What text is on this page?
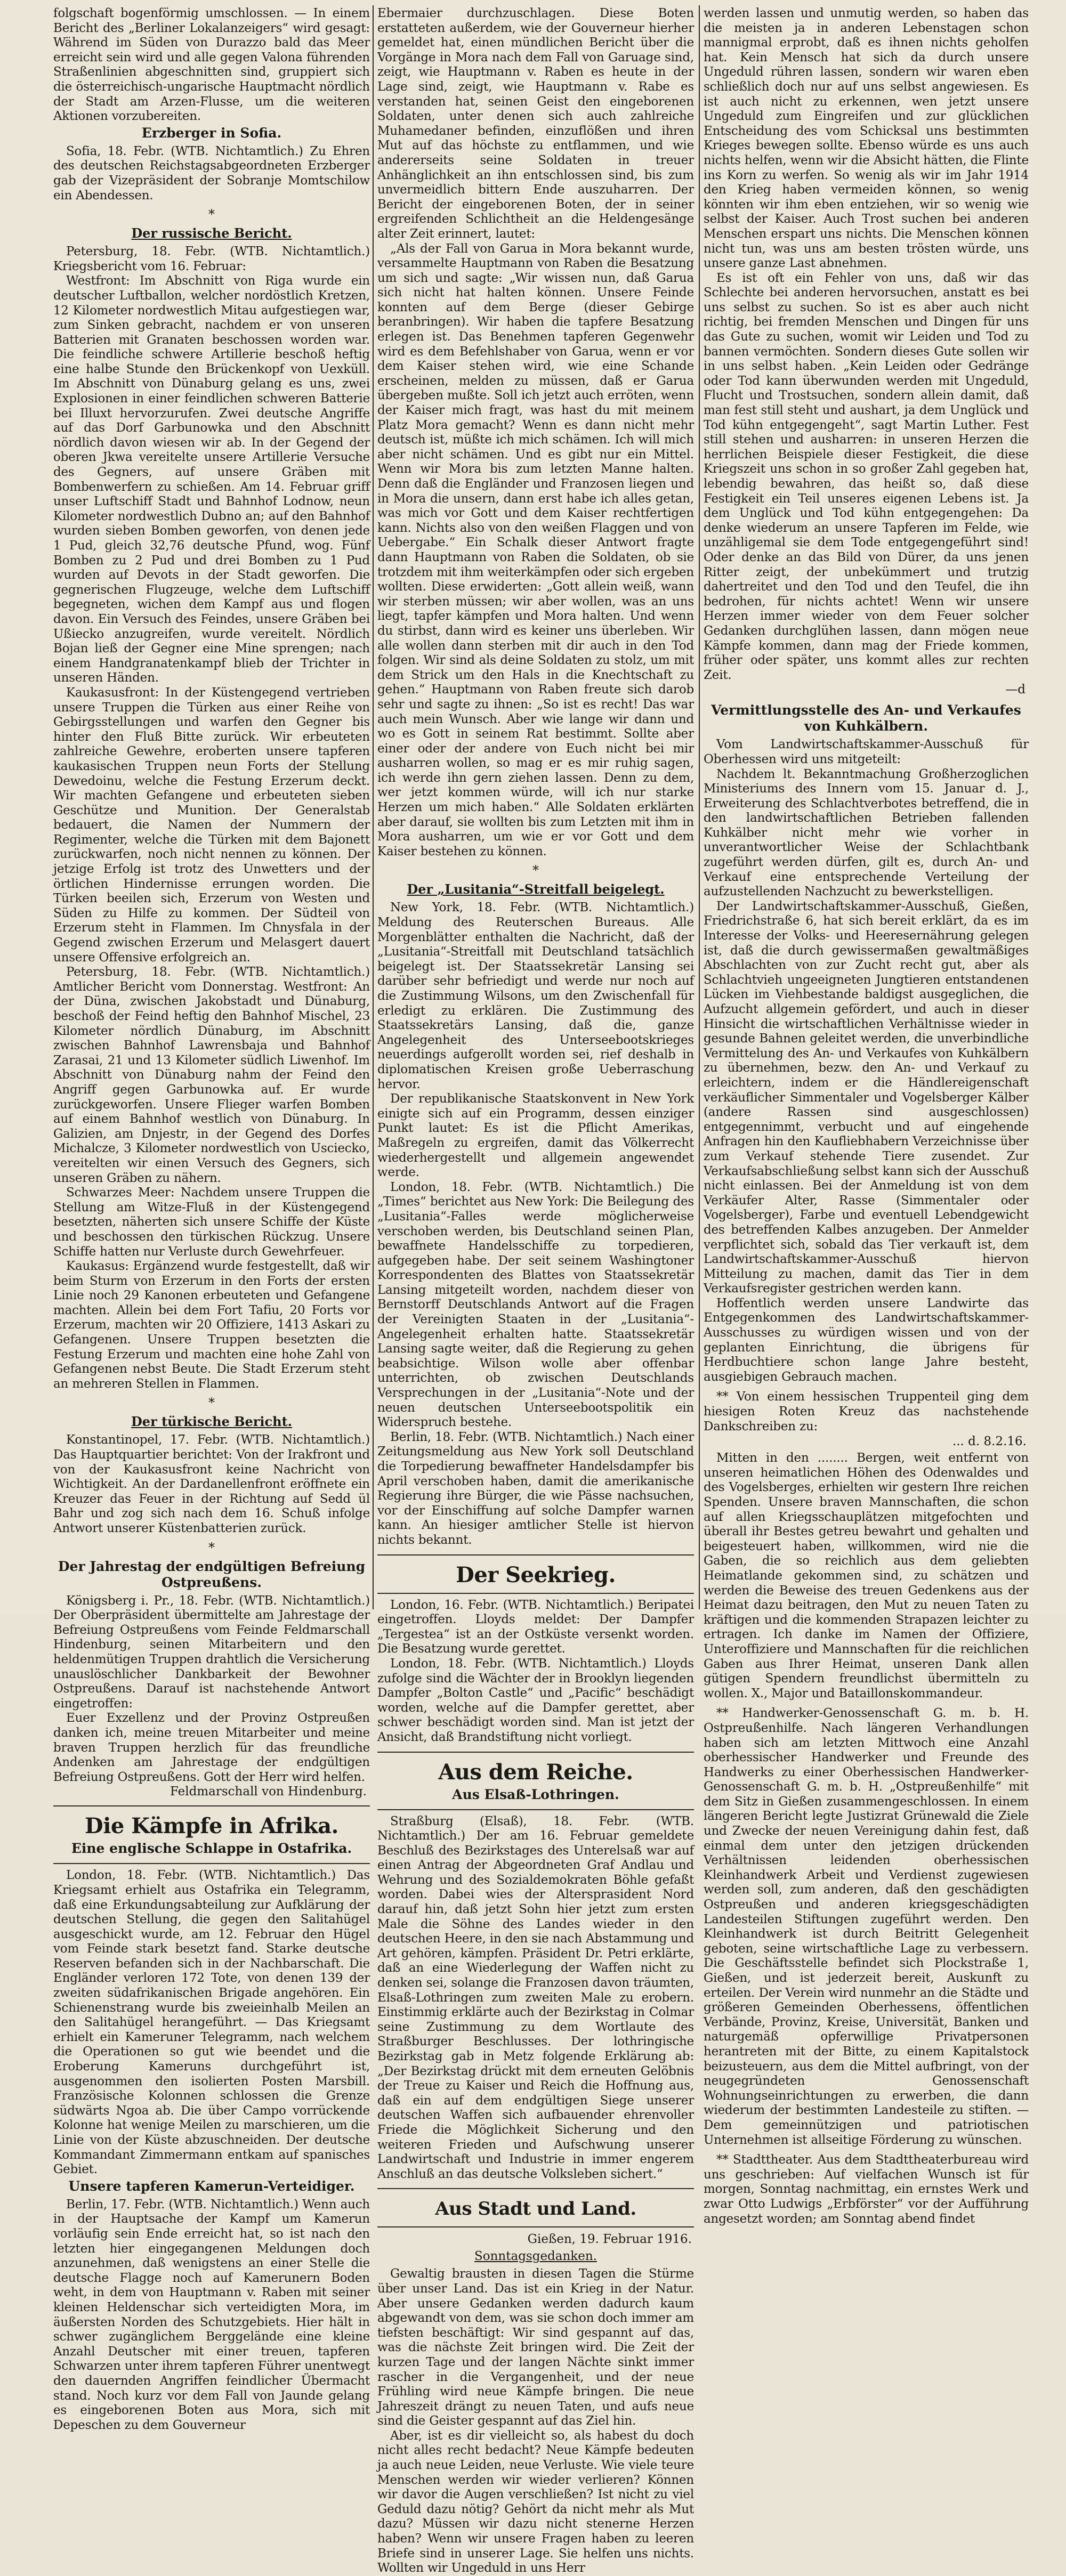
folgschaft bogenförmig umschlossen. — In einem Bericht des „Berliner Lokalanzeigers“ wird gesagt: Während im Süden von Durazzo bald das Meer erreicht sein wird und alle gegen Valona führenden Straßenlinien abgeschnitten sind, gruppiert sich die österreichisch-ungarische Hauptmacht nördlich der Stadt am Arzen-Flusse, um die weiteren Aktionen vorzubereiten.

Erzberger in Sofia.

Sofia, 18. Febr. (WTB. Nichtamtlich.) Zu Ehren des deutschen Reichstagsabgeordneten Erzberger gab der Vizepräsident der Sobranje Momtschilow ein Abendessen.

*
Der russische Bericht.

Petersburg, 18. Febr. (WTB. Nichtamtlich.) Kriegsbericht vom 16. Februar:

Westfront: Im Abschnitt von Riga wurde ein deutscher Luftballon, welcher nordöstlich Kretzen, 12 Kilometer nordwestlich Mitau aufgestiegen war, zum Sinken gebracht, nachdem er von unseren Batterien mit Granaten beschossen worden war. Die feindliche schwere Artillerie beschoß heftig eine halbe Stunde den Brückenkopf von Uexküll. Im Abschnitt von Dünaburg gelang es uns, zwei Explosionen in einer feindlichen schweren Batterie bei Illuxt hervorzurufen. Zwei deutsche Angriffe auf das Dorf Garbunowka und den Abschnitt nördlich davon wiesen wir ab. In der Gegend der oberen Jkwa vereitelte unsere Artillerie Versuche des Gegners, auf unsere Gräben mit Bombenwerfern zu schießen. Am 14. Februar griff unser Luftschiff Stadt und Bahnhof Lodnow, neun Kilometer nordwestlich Dubno an; auf den Bahnhof wurden sieben Bomben geworfen, von denen jede 1 Pud, gleich 32,76 deutsche Pfund, wog. Fünf Bomben zu 2 Pud und drei Bomben zu 1 Pud wurden auf Devots in der Stadt geworfen. Die gegnerischen Flugzeuge, welche dem Luftschiff begegneten, wichen dem Kampf aus und flogen davon. Ein Versuch des Feindes, unsere Gräben bei Ußiecko anzugreifen, wurde vereitelt. Nördlich Bojan ließ der Gegner eine Mine sprengen; nach einem Handgranatenkampf blieb der Trichter in unseren Händen.

Kaukasusfront: In der Küstengegend vertrieben unsere Truppen die Türken aus einer Reihe von Gebirgsstellungen und warfen den Gegner bis hinter den Fluß Bitte zurück. Wir erbeuteten zahlreiche Gewehre, eroberten unsere tapferen kaukasischen Truppen neun Forts der Stellung Dewedoinu, welche die Festung Erzerum deckt. Wir machten Gefangene und erbeuteten sieben Geschütze und Munition. Der Generalstab bedauert, die Namen der Nummern der Regimenter, welche die Türken mit dem Bajonett zurückwarfen, noch nicht nennen zu können. Der jetzige Erfolg ist trotz des Unwetters und der örtlichen Hindernisse errungen worden. Die Türken beeilen sich, Erzerum von Westen und Süden zu Hilfe zu kommen. Der Südteil von Erzerum steht in Flammen. Im Chnysfala in der Gegend zwischen Erzerum und Melasgert dauert unsere Offensive erfolgreich an.

Petersburg, 18. Febr. (WTB. Nichtamtlich.) Amtlicher Bericht vom Donnerstag. Westfront: An der Düna, zwischen Jakobstadt und Dünaburg, beschoß der Feind heftig den Bahnhof Mischel, 23 Kilometer nördlich Dünaburg, im Abschnitt zwischen Bahnhof Lawrensbaja und Bahnhof Zarasai, 21 und 13 Kilometer südlich Liwenhof. Im Abschnitt von Dünaburg nahm der Feind den Angriff gegen Garbunowka auf. Er wurde zurückgeworfen. Unsere Flieger warfen Bomben auf einem Bahnhof westlich von Dünaburg. In Galizien, am Dnjestr, in der Gegend des Dorfes Michalcze, 3 Kilometer nordwestlich von Usciecko, vereitelten wir einen Versuch des Gegners, sich unseren Gräben zu nähern.

Schwarzes Meer: Nachdem unsere Truppen die Stellung am Witze-Fluß in der Küstengegend besetzten, näherten sich unsere Schiffe der Küste und beschossen den türkischen Rückzug. Unsere Schiffe hatten nur Verluste durch Gewehrfeuer.

Kaukasus: Ergänzend wurde festgestellt, daß wir beim Sturm von Erzerum in den Forts der ersten Linie noch 29 Kanonen erbeuteten und Gefangene machten. Allein bei dem Fort Tafiu, 20 Forts vor Erzerum, machten wir 20 Offiziere, 1413 Askari zu Gefangenen. Unsere Truppen besetzten die Festung Erzerum und machten eine hohe Zahl von Gefangenen nebst Beute. Die Stadt Erzerum steht an mehreren Stellen in Flammen.

*
Der türkische Bericht.

Konstantinopel, 17. Febr. (WTB. Nichtamtlich.) Das Hauptquartier berichtet: Von der Irakfront und von der Kaukasusfront keine Nachricht von Wichtigkeit. An der Dardanellenfront eröffnete ein Kreuzer das Feuer in der Richtung auf Sedd ül Bahr und zog sich nach dem 16. Schuß infolge Antwort unserer Küstenbatterien zurück.

*
Der Jahrestag der endgültigen Befreiung Ostpreußens.

Königsberg i. Pr., 18. Febr. (WTB. Nichtamtlich.) Der Oberpräsident übermittelte am Jahrestage der Befreiung Ostpreußens vom Feinde Feldmarschall Hindenburg, seinen Mitarbeitern und den heldenmütigen Truppen drahtlich die Versicherung unauslöschlicher Dankbarkeit der Bewohner Ostpreußens. Darauf ist nachstehende Antwort eingetroffen:

Euer Exzellenz und der Provinz Ostpreußen danken ich, meine treuen Mitarbeiter und meine braven Truppen herzlich für das freundliche Andenken am Jahrestage der endgültigen Befreiung Ostpreußens. Gott der Herr wird helfen.

Feldmarschall von Hindenburg.
Die Kämpfe in Afrika.
Eine englische Schlappe in Ostafrika.

London, 18. Febr. (WTB. Nichtamtlich.) Das Kriegsamt erhielt aus Ostafrika ein Telegramm, daß eine Erkundungsabteilung zur Aufklärung der deutschen Stellung, die gegen den Salitahügel ausgeschickt wurde, am 12. Februar den Hügel vom Feinde stark besetzt fand. Starke deutsche Reserven befanden sich in der Nachbarschaft. Die Engländer verloren 172 Tote, von denen 139 der zweiten südafrikanischen Brigade angehören. Ein Schienenstrang wurde bis zweieinhalb Meilen an den Salitahügel herangeführt. — Das Kriegsamt erhielt ein Kameruner Telegramm, nach welchem die Operationen so gut wie beendet und die Eroberung Kameruns durchgeführt ist, ausgenommen den isolierten Posten Marsbill. Französische Kolonnen schlossen die Grenze südwärts Ngoa ab. Die über Campo vorrückende Kolonne hat wenige Meilen zu marschieren, um die Linie von der Küste abzuschneiden. Der deutsche Kommandant Zimmermann entkam auf spanisches Gebiet.

Unsere tapferen Kamerun-Verteidiger.

Berlin, 17. Febr. (WTB. Nichtamtlich.) Wenn auch in der Hauptsache der Kampf um Kamerun vorläufig sein Ende erreicht hat, so ist nach den letzten hier eingegangenen Meldungen doch anzunehmen, daß wenigstens an einer Stelle die deutsche Flagge noch auf Kamerunern Boden weht, in dem von Hauptmann v. Raben mit seiner kleinen Heldenschar sich verteidigten Mora, im äußersten Norden des Schutzgebiets. Hier hält in schwer zugänglichem Berggelände eine kleine Anzahl Deutscher mit einer treuen, tapferen Schwarzen unter ihrem tapferen Führer unentwegt den dauernden Angriffen feindlicher Übermacht stand. Noch kurz vor dem Fall von Jaunde gelang es eingeborenen Boten aus Mora, sich mit Depeschen zu dem Gouverneur

Ebermaier durchzuschlagen. Diese Boten erstatteten außerdem, wie der Gouverneur hierher gemeldet hat, einen mündlichen Bericht über die Vorgänge in Mora nach dem Fall von Garuage sind, zeigt, wie Hauptmann v. Raben es heute in der Lage sind, zeigt, wie Hauptmann v. Rabe es verstanden hat, seinen Geist den eingeborenen Soldaten, unter denen sich auch zahlreiche Muhamedaner befinden, einzuflößen und ihren Mut auf das höchste zu entflammen, und wie andererseits seine Soldaten in treuer Anhänglichkeit an ihn entschlossen sind, bis zum unvermeidlich bittern Ende auszuharren. Der Bericht der eingeborenen Boten, der in seiner ergreifenden Schlichtheit an die Heldengesänge alter Zeit erinnert, lautet:

„Als der Fall von Garua in Mora bekannt wurde, versammelte Hauptmann von Raben die Besatzung um sich und sagte: „Wir wissen nun, daß Garua sich nicht hat halten können. Unsere Feinde konnten auf dem Berge (dieser Gebirge beranbringen). Wir haben die tapfere Besatzung erlegen ist. Das Benehmen tapferen Gegenwehr wird es dem Befehlshaber von Garua, wenn er vor dem Kaiser stehen wird, wie eine Schande erscheinen, melden zu müssen, daß er Garua übergeben mußte. Soll ich jetzt auch erröten, wenn der Kaiser mich fragt, was hast du mit meinem Platz Mora gemacht? Wenn es dann nicht mehr deutsch ist, müßte ich mich schämen. Ich will mich aber nicht schämen. Und es gibt nur ein Mittel. Wenn wir Mora bis zum letzten Manne halten. Denn daß die Engländer und Franzosen liegen und in Mora die unsern, dann erst habe ich alles getan, was mich vor Gott und dem Kaiser rechtfertigen kann. Nichts also von den weißen Flaggen und von Uebergabe.“ Ein Schalk dieser Antwort fragte dann Hauptmann von Raben die Soldaten, ob sie trotzdem mit ihm weiterkämpfen oder sich ergeben wollten. Diese erwiderten: „Gott allein weiß, wann wir sterben müssen; wir aber wollen, was an uns liegt, tapfer kämpfen und Mora halten. Und wenn du stirbst, dann wird es keiner uns überleben. Wir alle wollen dann sterben mit dir auch in den Tod folgen. Wir sind als deine Soldaten zu stolz, um mit dem Strick um den Hals in die Knechtschaft zu gehen.“ Hauptmann von Raben freute sich darob sehr und sagte zu ihnen: „So ist es recht! Das war auch mein Wunsch. Aber wie lange wir dann und wo es Gott in seinem Rat bestimmt. Sollte aber einer oder der andere von Euch nicht bei mir ausharren wollen, so mag er es mir ruhig sagen, ich werde ihn gern ziehen lassen. Denn zu dem, wer jetzt kommen würde, will ich nur starke Herzen um mich haben.“ Alle Soldaten erklärten aber darauf, sie wollten bis zum Letzten mit ihm in Mora ausharren, um wie er vor Gott und dem Kaiser bestehen zu können.

*
Der „Lusitania“-Streitfall beigelegt.

New York, 18. Febr. (WTB. Nichtamtlich.) Meldung des Reuterschen Bureaus. Alle Morgenblätter enthalten die Nachricht, daß der „Lusitania“-Streitfall mit Deutschland tatsächlich beigelegt ist. Der Staatssekretär Lansing sei darüber sehr befriedigt und werde nur noch auf die Zustimmung Wilsons, um den Zwischenfall für erledigt zu erklären. Die Zustimmung des Staatssekretärs Lansing, daß die, ganze Angelegenheit des Unterseebootskrieges neuerdings aufgerollt worden sei, rief deshalb in diplomatischen Kreisen große Ueberraschung hervor.

Der republikanische Staatskonvent in New York einigte sich auf ein Programm, dessen einziger Punkt lautet: Es ist die Pflicht Amerikas, Maßregeln zu ergreifen, damit das Völkerrecht wiederhergestellt und allgemein angewendet werde.

London, 18. Febr. (WTB. Nichtamtlich.) Die „Times“ berichtet aus New York: Die Beilegung des „Lusitania“-Falles werde möglicherweise verschoben werden, bis Deutschland seinen Plan, bewaffnete Handelsschiffe zu torpedieren, aufgegeben habe. Der seit seinem Washingtoner Korrespondenten des Blattes von Staatssekretär Lansing mitgeteilt worden, nachdem dieser von Bernstorff Deutschlands Antwort auf die Fragen der Vereinigten Staaten in der „Lusitania“-Angelegenheit erhalten hatte. Staatssekretär Lansing sagte weiter, daß die Regierung zu gehen beabsichtige. Wilson wolle aber offenbar unterrichten, ob zwischen Deutschlands Versprechungen in der „Lusitania“-Note und der neuen deutschen Unterseebootspolitik ein Widerspruch bestehe.

Berlin, 18. Febr. (WTB. Nichtamtlich.) Nach einer Zeitungsmeldung aus New York soll Deutschland die Torpedierung bewaffneter Handelsdampfer bis April verschoben haben, damit die amerikanische Regierung ihre Bürger, die wie Pässe nachsuchen, vor der Einschiffung auf solche Dampfer warnen kann. An hiesiger amtlicher Stelle ist hiervon nichts bekannt.

Der Seekrieg.

London, 16. Febr. (WTB. Nichtamtlich.) Beripatei eingetroffen. Lloyds meldet: Der Dampfer „Tergestea“ ist an der Ostküste versenkt worden. Die Besatzung wurde gerettet.

London, 18. Febr. (WTB. Nichtamtlich.) Lloyds zufolge sind die Wächter der in Brooklyn liegenden Dampfer „Bolton Castle“ und „Pacific“ beschädigt worden, welche auf die Dampfer gerettet, aber schwer beschädigt worden sind. Man ist jetzt der Ansicht, daß Brandstiftung nicht vorliegt.

Aus dem Reiche.
Aus Elsaß-Lothringen.

Straßburg (Elsaß), 18. Febr. (WTB. Nichtamtlich.) Der am 16. Februar gemeldete Beschluß des Bezirkstages des Unterelsaß war auf einen Antrag der Abgeordneten Graf Andlau und Wehrung und des Sozialdemokraten Böhle gefaßt worden. Dabei wies der Altersprasident Nord darauf hin, daß jetzt Sohn hier jetzt zum ersten Male die Söhne des Landes wieder in den deutschen Heere, in den sie nach Abstammung und Art gehören, kämpfen. Präsident Dr. Petri erklärte, daß an eine Wiederlegung der Waffen nicht zu denken sei, solange die Franzosen davon träumten, Elsaß-Lothringen zum zweiten Male zu erobern. Einstimmig erklärte auch der Bezirkstag in Colmar seine Zustimmung zu dem Wortlaute des Straßburger Beschlusses. Der lothringische Bezirkstag gab in Metz folgende Erklärung ab: „Der Bezirkstag drückt mit dem erneuten Gelöbnis der Treue zu Kaiser und Reich die Hoffnung aus, daß ein auf dem endgültigen Siege unserer deutschen Waffen sich aufbauender ehrenvoller Friede die Möglichkeit Sicherung und den weiteren Frieden und Aufschwung unserer Landwirtschaft und Industrie in immer engerem Anschluß an das deutsche Volksleben sichert.“

Aus Stadt und Land.
Gießen, 19. Februar 1916.
Sonntagsgedanken.

Gewaltig brausten in diesen Tagen die Stürme über unser Land. Das ist ein Krieg in der Natur. Aber unsere Gedanken werden dadurch kaum abgewandt von dem, was sie schon doch immer am tiefsten beschäftigt: Wir sind gespannt auf das, was die nächste Zeit bringen wird. Die Zeit der kurzen Tage und der langen Nächte sinkt immer rascher in die Vergangenheit, und der neue Frühling wird neue Kämpfe bringen. Die neue Jahreszeit drängt zu neuen Taten, und aufs neue sind die Geister gespannt auf das Ziel hin.

Aber, ist es dir vielleicht so, als habest du doch nicht alles recht bedacht? Neue Kämpfe bedeuten ja auch neue Leiden, neue Verluste. Wie viele teure Menschen werden wir wieder verlieren? Können wir davor die Augen verschließen? Ist nicht zu viel Geduld dazu nötig? Gehört da nicht mehr als Mut dazu? Müssen wir dazu nicht stenerne Herzen haben? Wenn wir unsere Fragen haben zu leeren Briefe sind in unserer Lage. Sie helfen uns nichts. Wollten wir Ungeduld in uns Herr

werden lassen und unmutig werden, so haben das die meisten ja in anderen Lebenstagen schon mannigmal erprobt, daß es ihnen nichts geholfen hat. Kein Mensch hat sich da durch unsere Ungeduld rühren lassen, sondern wir waren eben schließlich doch nur auf uns selbst angewiesen. Es ist auch nicht zu erkennen, wen jetzt unsere Ungeduld zum Eingreifen und zur glücklichen Entscheidung des vom Schicksal uns bestimmten Krieges bewegen sollte. Ebenso würde es uns auch nichts helfen, wenn wir die Absicht hätten, die Flinte ins Korn zu werfen. So wenig als wir im Jahr 1914 den Krieg haben vermeiden können, so wenig könnten wir ihm eben entziehen, wir so wenig wie selbst der Kaiser. Auch Trost suchen bei anderen Menschen erspart uns nichts. Die Menschen können nicht tun, was uns am besten trösten würde, uns unsere ganze Last abnehmen.

Es ist oft ein Fehler von uns, daß wir das Schlechte bei anderen hervorsuchen, anstatt es bei uns selbst zu suchen. So ist es aber auch nicht richtig, bei fremden Menschen und Dingen für uns das Gute zu suchen, womit wir Leiden und Tod zu bannen vermöchten. Sondern dieses Gute sollen wir in uns selbst haben. „Kein Leiden oder Gedränge oder Tod kann überwunden werden mit Ungeduld, Flucht und Trostsuchen, sondern allein damit, daß man fest still steht und aushart, ja dem Unglück und Tod kühn entgegengeht“, sagt Martin Luther. Fest still stehen und ausharren: in unseren Herzen die herrlichen Beispiele dieser Festigkeit, die diese Kriegszeit uns schon in so großer Zahl gegeben hat, lebendig bewahren, das heißt so, daß diese Festigkeit ein Teil unseres eigenen Lebens ist. Ja dem Unglück und Tod kühn entgegengehen: Da denke wiederum an unsere Tapferen im Felde, wie unzähligemal sie dem Tode entgegengeführt sind! Oder denke an das Bild von Dürer, da uns jenen Ritter zeigt, der unbekümmert und trutzig dahertreitet und den Tod und den Teufel, die ihn bedrohen, für nichts achtet! Wenn wir unsere Herzen immer wieder von dem Feuer solcher Gedanken durchglühen lassen, dann mögen neue Kämpfe kommen, dann mag der Friede kommen, früher oder später, uns kommt alles zur rechten Zeit.

—d
Vermittlungsstelle des An- und Verkaufes von Kuhkälbern.

Vom Landwirtschaftskammer-Ausschuß für Oberhessen wird uns mitgeteilt:

Nachdem lt. Bekanntmachung Großherzoglichen Ministeriums des Innern vom 15. Januar d. J., Erweiterung des Schlachtverbotes betreffend, die in den landwirtschaftlichen Betrieben fallenden Kuhkälber nicht mehr wie vorher in unverantwortlicher Weise der Schlachtbank zugeführt werden dürfen, gilt es, durch An- und Verkauf eine entsprechende Verteilung der aufzustellenden Nachzucht zu bewerkstelligen.

Der Landwirtschaftskammer-Ausschuß, Gießen, Friedrichstraße 6, hat sich bereit erklärt, da es im Interesse der Volks- und Heeresernährung gelegen ist, daß die durch gewissermaßen gewaltmäßiges Abschlachten von zur Zucht recht gut, aber als Schlachtvieh ungeeigneten Jungtieren entstandenen Lücken im Viehbestande baldigst ausgeglichen, die Aufzucht allgemein gefördert, und auch in dieser Hinsicht die wirtschaftlichen Verhältnisse wieder in gesunde Bahnen geleitet werden, die unverbindliche Vermittelung des An- und Verkaufes von Kuhkälbern zu übernehmen, bezw. den An- und Verkauf zu erleichtern, indem er die Händlereigenschaft verkäuflicher Simmentaler und Vogelsberger Kälber (andere Rassen sind ausgeschlossen) entgegennimmt, verbucht und auf eingehende Anfragen hin den Kaufliebhabern Verzeichnisse über zum Verkauf stehende Tiere zusendet. Zur Verkaufsabschließung selbst kann sich der Ausschuß nicht einlassen. Bei der Anmeldung ist von dem Verkäufer Alter, Rasse (Simmentaler oder Vogelsberger), Farbe und eventuell Lebendgewicht des betreffenden Kalbes anzugeben. Der Anmelder verpflichtet sich, sobald das Tier verkauft ist, dem Landwirtschaftskammer-Ausschuß hiervon Mitteilung zu machen, damit das Tier in dem Verkaufsregister gestrichen werden kann.

Hoffentlich werden unsere Landwirte das Entgegenkommen des Landwirtschaftskammer-Ausschusses zu würdigen wissen und von der geplanten Einrichtung, die übrigens für Herdbuchtiere schon lange Jahre besteht, ausgiebigen Gebrauch machen.

** Von einem hessischen Truppenteil ging dem hiesigen Roten Kreuz das nachstehende Dankschreiben zu:

... d. 8.2.16.

Mitten in den ........ Bergen, weit entfernt von unseren heimatlichen Höhen des Odenwaldes und des Vogelsberges, erhielten wir gestern Ihre reichen Spenden. Unsere braven Mannschaften, die schon auf allen Kriegsschauplätzen mitgefochten und überall ihr Bestes getreu bewahrt und gehalten und beigesteuert haben, willkommen, wird nie die Gaben, die so reichlich aus dem geliebten Heimatlande gekommen sind, zu schätzen und werden die Beweise des treuen Gedenkens aus der Heimat dazu beitragen, den Mut zu neuen Taten zu kräftigen und die kommenden Strapazen leichter zu ertragen. Ich danke im Namen der Offiziere, Unteroffiziere und Mannschaften für die reichlichen Gaben aus Ihrer Heimat, unseren Dank allen gütigen Spendern freundlichst übermitteln zu wollen. X., Major und Bataillonskommandeur.

** Handwerker-Genossenschaft G. m. b. H. Ostpreußenhilfe. Nach längeren Verhandlungen haben sich am letzten Mittwoch eine Anzahl oberhessischer Handwerker und Freunde des Handwerks zu einer Oberhessischen Handwerker-Genossenschaft G. m. b. H. „Ostpreußenhilfe“ mit dem Sitz in Gießen zusammengeschlossen. In einem längeren Bericht legte Justizrat Grünewald die Ziele und Zwecke der neuen Vereinigung dahin fest, daß einmal dem unter den jetzigen drückenden Verhältnissen leidenden oberhessischen Kleinhandwerk Arbeit und Verdienst zugewiesen werden soll, zum anderen, daß den geschädigten Ostpreußen und anderen kriegsgeschädigten Landesteilen Stiftungen zugeführt werden. Den Kleinhandwerk ist durch Beitritt Gelegenheit geboten, seine wirtschaftliche Lage zu verbessern. Die Geschäftsstelle befindet sich Plockstraße 1, Gießen, und ist jederzeit bereit, Auskunft zu erteilen. Der Verein wird nunmehr an die Städte und größeren Gemeinden Oberhessens, öffentlichen Verbände, Provinz, Kreise, Universität, Banken und naturgemäß opferwillige Privatpersonen herantreten mit der Bitte, zu einem Kapitalstock beizusteuern, aus dem die Mittel aufbringt, von der neugegründeten Genossenschaft Wohnungseinrichtungen zu erwerben, die dann wiederum der bestimmten Landesteile zu stiften. — Dem gemeinnützigen und patriotischen Unternehmen ist allseitige Förderung zu wünschen.

** Stadttheater. Aus dem Stadttheaterbureau wird uns geschrieben: Auf vielfachen Wunsch ist für morgen, Sonntag nachmittag, ein ernstes Werk und zwar Otto Ludwigs „Erbförster“ vor der Aufführung angesetzt worden; am Sonntag abend findet
